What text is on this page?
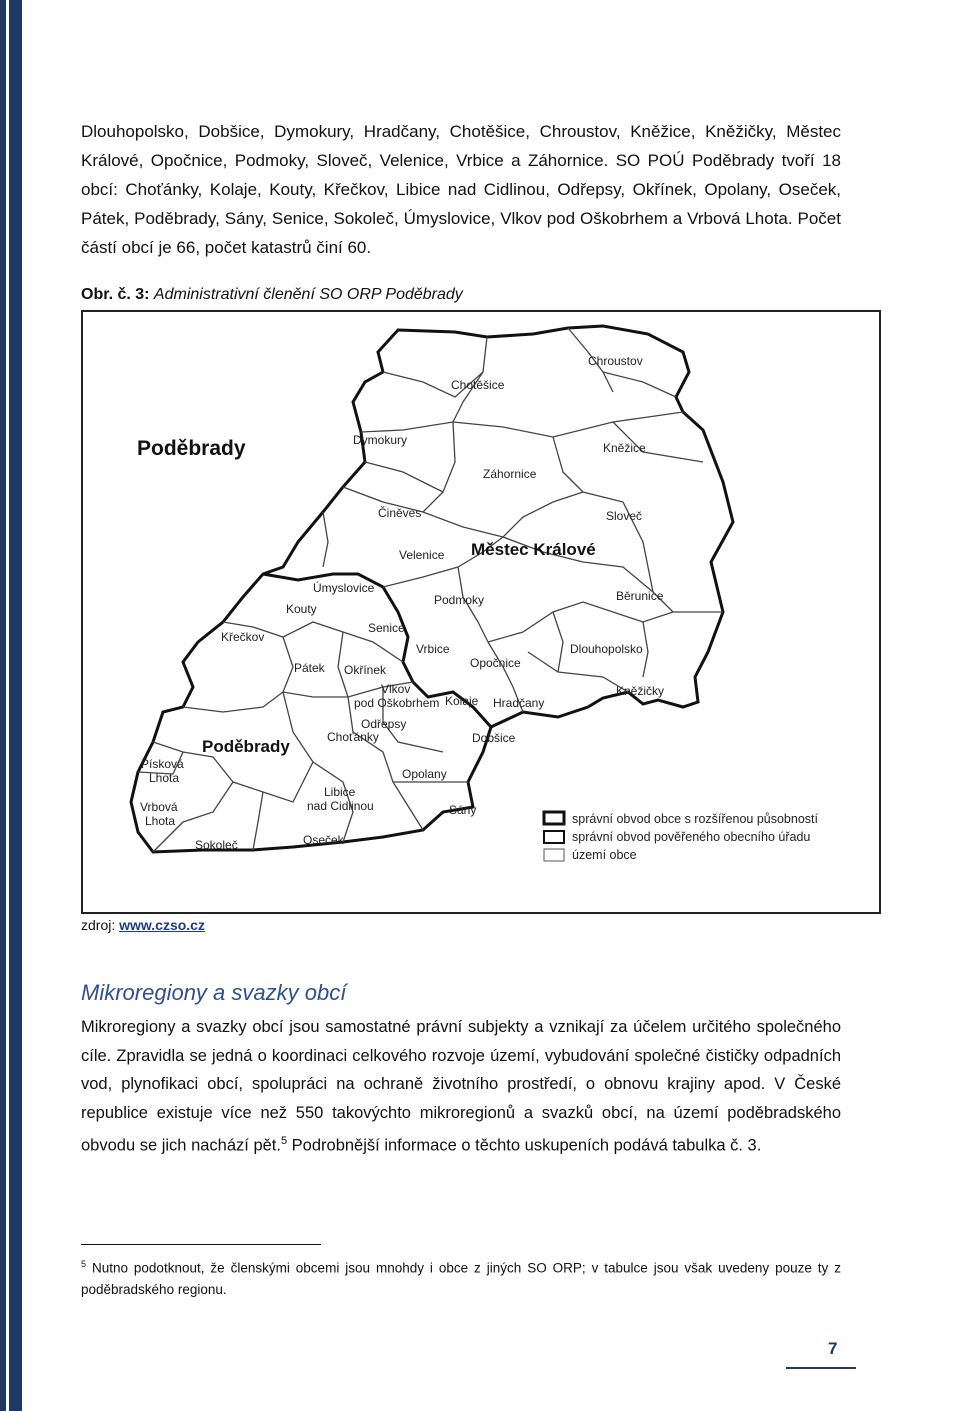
Dlouhopolsko, Dobšice, Dymokury, Hradčany, Chotěšice, Chroustov, Kněžice, Kněžičky, Městec Králové, Opočnice, Podmoky, Sloveč, Velenice, Vrbice a Záhornice. SO POÚ Poděbrady tvoří 18 obcí: Choťánky, Kolaje, Kouty, Křečkov, Libice nad Cidlinou, Odřepsy, Okřínek, Opolany, Oseček, Pátek, Poděbrady, Sány, Senice, Sokoleč, Úmyslovice, Vlkov pod Oškobrhem a Vrbová Lhota. Počet částí obcí je 66, počet katastrů činí 60.

Obr. č. 3: Administrativní členění SO ORP Poděbrady
Poděbrady
Chroustov
Chotěšice
Dymokury
Kněžice
Záhornice
Činěves	Sloveč
Velenice Městec Králové
Úmyslovice
Kouty
Podmoky	Běrunice
Senice
Křečkov
Vrbice	Dlouhopolsko
Pátek Okřínek	Opočnice
Vlkov
pod Oškobrhem Kolaje
Kněžičky
Odřepsy
Hradčany
Poděbrady	Choťánky	Dobšice
Písková
Lhota	Opolany
Libice
nad Cidlinou
Vrbová
Lhota
Sány
Sokoleč	Oseček
správní obvod obce s rozšířenou působností
správní obvod pověřeného obecního úřadu
území obce
zdroj: www.czso.cz
Mikroregiony a svazky obcí

Mikroregiony a svazky obcí jsou samostatné právní subjekty a vznikají za účelem určitého společného cíle. Zpravidla se jedná o koordinaci celkového rozvoje území, vybudování společné čističky odpadních vod, plynofikaci obcí, spolupráci na ochraně životního prostředí, o obnovu krajiny apod. V České republice existuje více než 550 takovýchto mikroregionů a svazků obcí, na území poděbradského obvodu se jich nachází pět.$^5$ Podrobnější informace o těchto uskupeních podává tabulka č. 3.

$^5$ Nutno podotknout, že členskými obcemi jsou mnohdy i obce z jiných SO ORP; v tabulce jsou však uvedeny pouze ty z poděbradského regionu.

7
